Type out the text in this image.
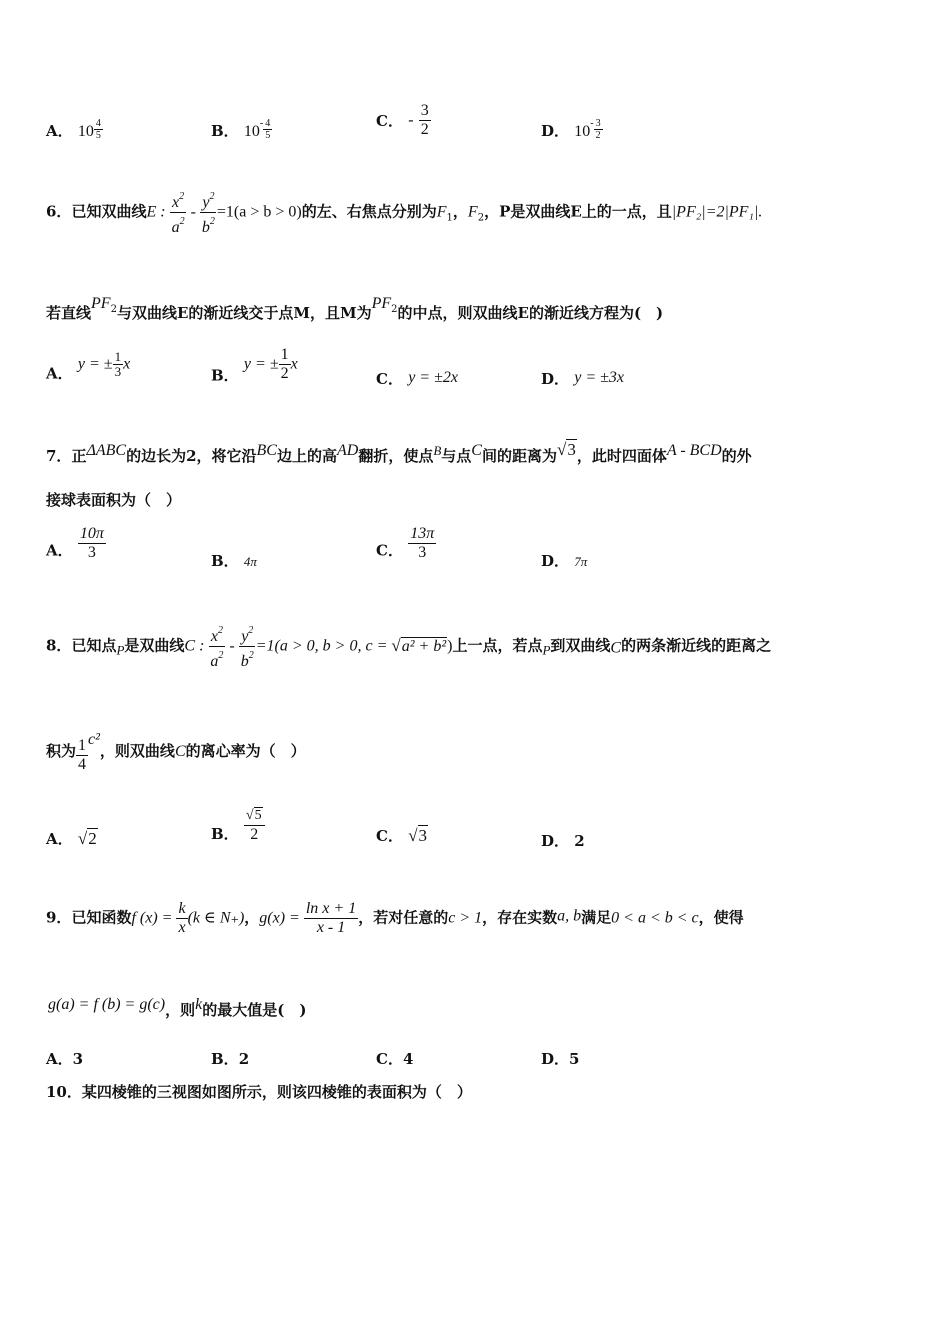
A． $10 \frac{4}{5}$	B． $10^- \frac{4}{5}$	C． - $\frac{3}{2}$	D． $10^- \frac{3}{2}$
6．已知双曲线E : $\frac{x^2}{a^2} - \frac{y^2}{b^2} =1(a > b > 0)$的左、右焦点分别为$F_1$，$F_2$，P是双曲线E上的一点，且|PF₂|=2|PF₁|.
若直线$PF_2$与双曲线E的渐近线交于点M，且M为$PF_2$的中点，则双曲线E的渐近线方程为(　)
A． y = ± $\frac{1}{3}$ x
B． y = ± $\frac{1}{2}$ x
C． y = ±2x	D． y = ±3x
7．正ΔABC的边长为2，将它沿BC边上的高AD翻折，使点B与点C间的距离为√3，此时四面体A - BCD的外
接球表面积为（　）
A． $\frac{10\pi}{3}$	B． 4π
C． $\frac{13\pi}{3}$	D． 7π
8．已知点P是双曲线C : $\frac{x^2}{a^2} - \frac{y^2}{b^2} =1(a > 0$, b > 0, c = √a² + b²)上一点，若点P到双曲线C的两条渐近线的距离之
积为 $\frac{1}{4} c^2$，则双曲线C的离心率为（　）
A． √2	B． $\frac{√5}{2}$	C． √3	D． 2
9．已知函数f $(x) = \frac{k}{x} (k$ ∈ N₊)，$g(x) = \frac{\text{ln x + 1}}{x - 1}$ ，若对任意的c > 1，存在实数a, b满足0 < a < b < c，使得
g(a) = f (b) = g(c)，则k的最大值是(　)
A．3	B．2	C．4	D．5
10．某四棱锥的三视图如图所示，则该四棱锥的表面积为（　）
